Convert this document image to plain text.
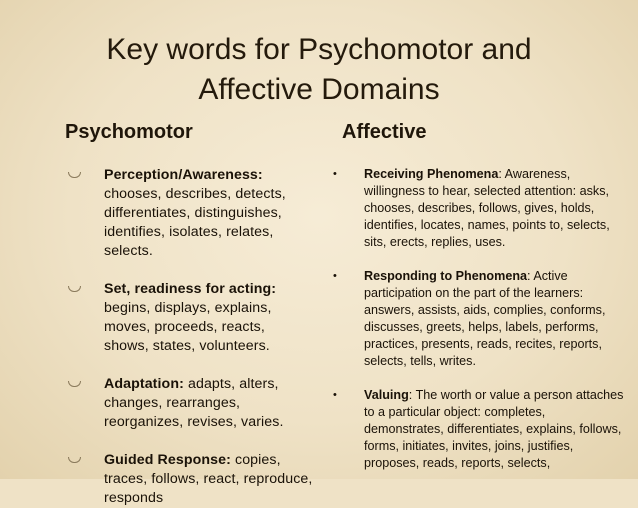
Key words for Psychomotor and
Affective Domains
Psychomotor	Affective
Perception/Awareness:
chooses, describes, detects, differentiates, distinguishes, identifies, isolates, relates, selects.
Set, readiness for acting:
begins, displays, explains, moves, proceeds, reacts, shows, states, volunteers.
Adaptation: adapts, alters, changes, rearranges, reorganizes, revises, varies.
Guided Response: copies, traces, follows, react, reproduce, responds
• Receiving Phenomena: Awareness, willingness to hear, selected attention: asks, chooses, describes, follows, gives, holds, identifies, locates, names, points to, selects, sits, erects, replies, uses.
• Responding to Phenomena: Active participation on the part of the learners: answers, assists, aids, complies, conforms, discusses, greets, helps, labels, performs, practices, presents, reads, recites, reports, selects, tells, writes.
• Valuing: The worth or value a person attaches to a particular object: completes, demonstrates, differentiates, explains, follows, forms, initiates, invites, joins, justifies, proposes, reads, reports, selects,
